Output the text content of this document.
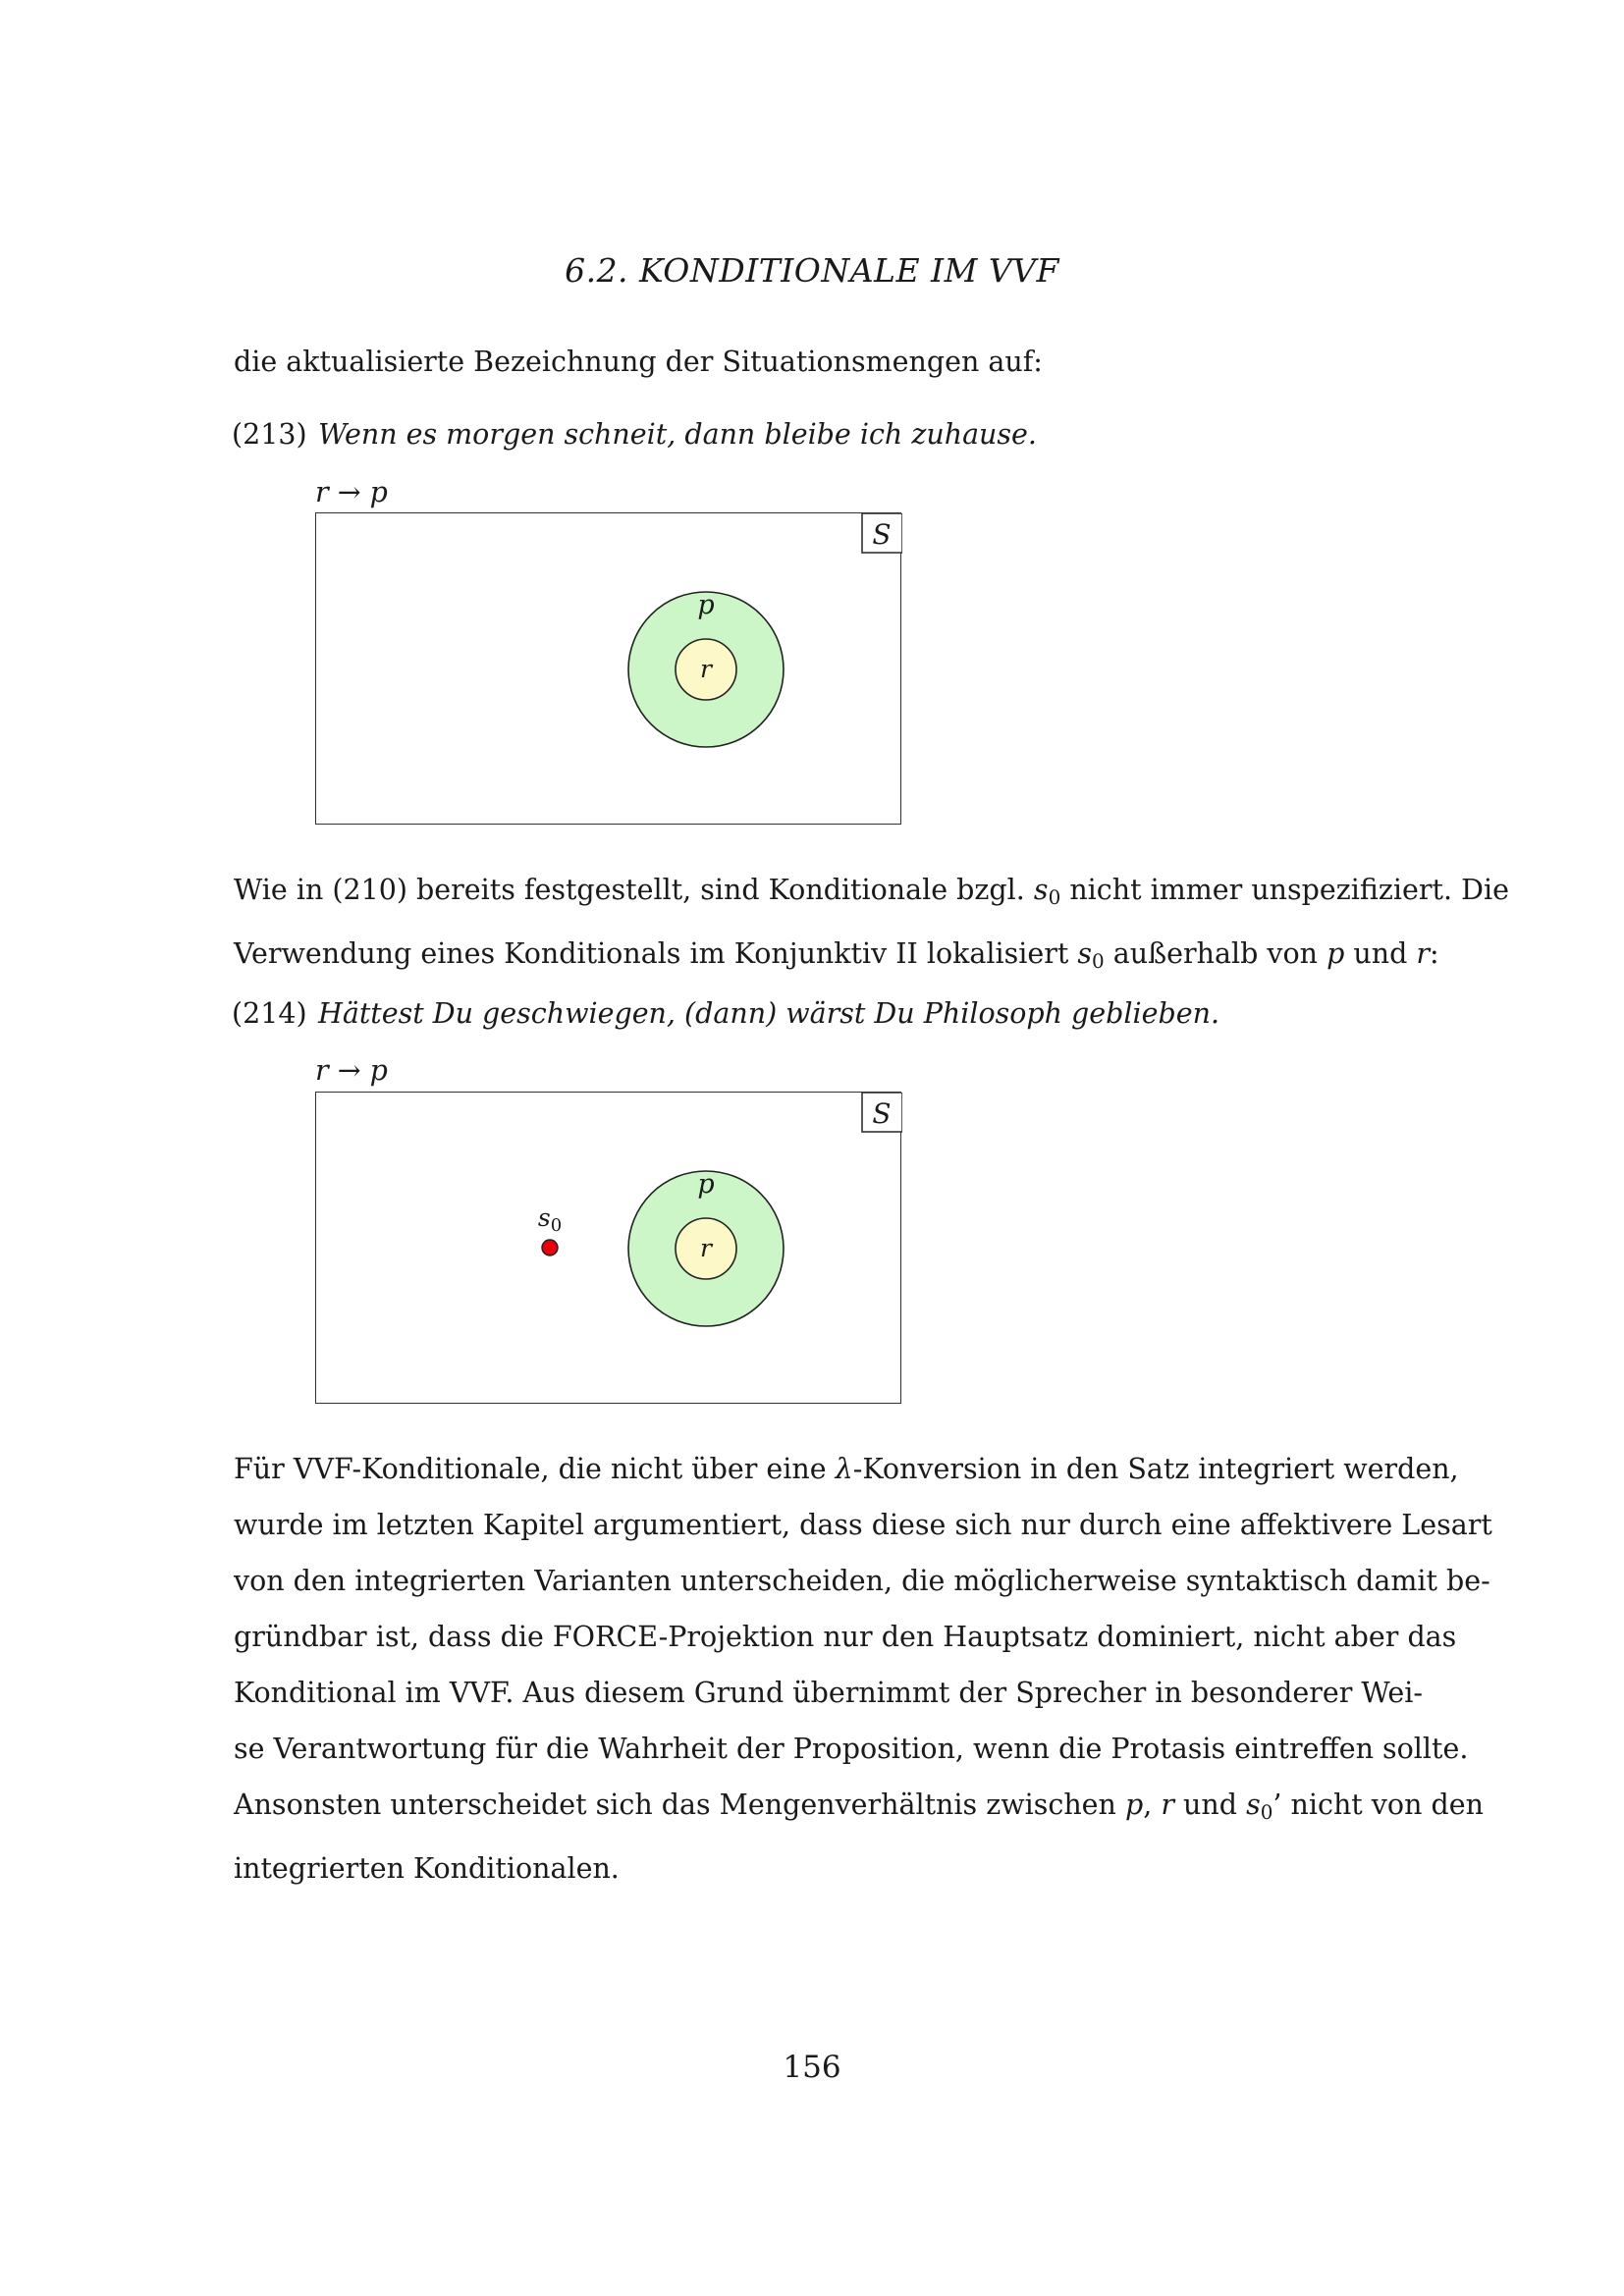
6.2. KONDITIONALE IM VVF

die aktualisierte Bezeichnung der Situationsmengen auf:

(213) Wenn es morgen schneit, dann bleibe ich zuhause.
r → p
S
p
r

Wie in (210) bereits festgestellt, sind Konditionale bzgl. $s_0$ nicht immer unspezifiziert. Die
Verwendung eines Konditionals im Konjunktiv II lokalisiert $s_0$ außerhalb von p und r:

(214) Hättest Du geschwiegen, (dann) wärst Du Philosoph geblieben.
r → p
S
p
r
$s_0$

Für VVF-Konditionale, die nicht über eine λ-Konversion in den Satz integriert werden,
wurde im letzten Kapitel argumentiert, dass diese sich nur durch eine affektivere Lesart
von den integrierten Varianten unterscheiden, die möglicherweise syntaktisch damit be-
gründbar ist, dass die FORCE-Projektion nur den Hauptsatz dominiert, nicht aber das
Konditional im VVF. Aus diesem Grund übernimmt der Sprecher in besonderer Wei-
se Verantwortung für die Wahrheit der Proposition, wenn die Protasis eintreffen sollte.
Ansonsten unterscheidet sich das Mengenverhältnis zwischen p, r und $s_0$’ nicht von den
integrierten Konditionalen.

156
